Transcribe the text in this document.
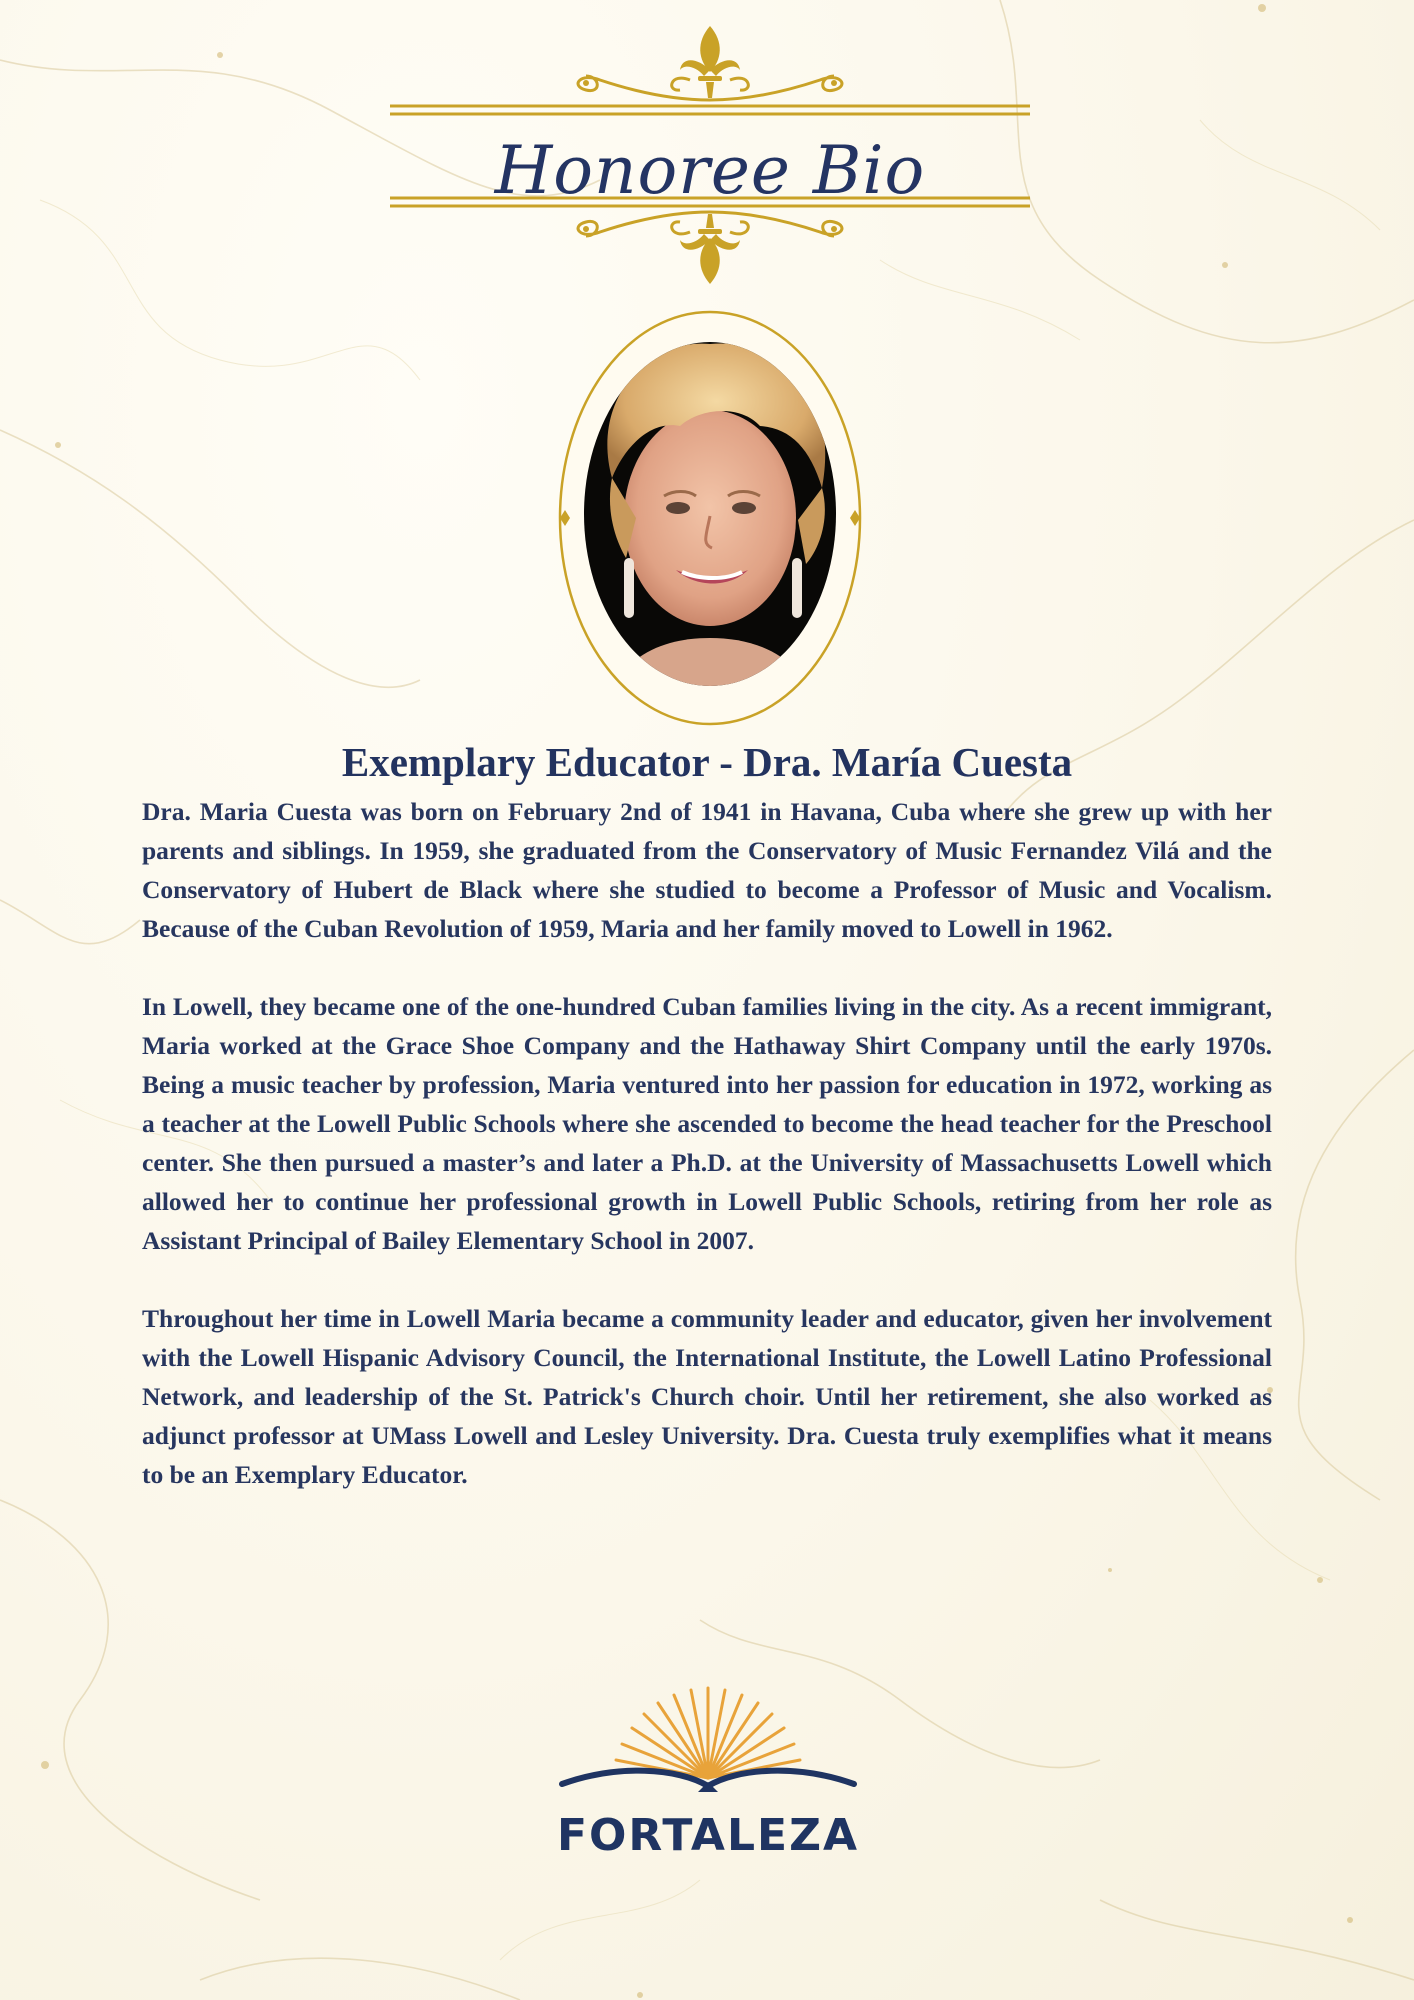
Honoree Bio
Exemplary Educator - Dra. María Cuesta

Dra. Maria Cuesta was born on February 2nd of 1941 in Havana, Cuba where she grew up with her parents and siblings. In 1959, she graduated from the Conservatory of Music Fernandez Vilá and the Conservatory of Hubert de Black where she studied to become a Professor of Music and Vocalism. Because of the Cuban Revolution of 1959, Maria and her family moved to Lowell in 1962.

In Lowell, they became one of the one-hundred Cuban families living in the city. As a recent immigrant, Maria worked at the Grace Shoe Company and the Hathaway Shirt Company until the early 1970s. Being a music teacher by profession, Maria ventured into her passion for education in 1972, working as a teacher at the Lowell Public Schools where she ascended to become the head teacher for the Preschool center. She then pursued a master’s and later a Ph.D. at the University of Massachusetts Lowell which allowed her to continue her professional growth in Lowell Public Schools, retiring from her role as Assistant Principal of Bailey Elementary School in 2007.

Throughout her time in Lowell Maria became a community leader and educator, given her involvement with the Lowell Hispanic Advisory Council, the International Institute, the Lowell Latino Professional Network, and leadership of the St. Patrick's Church choir. Until her retirement, she also worked as adjunct professor at UMass Lowell and Lesley University. Dra. Cuesta truly exemplifies what it means to be an Exemplary Educator.

FORTALEZA
